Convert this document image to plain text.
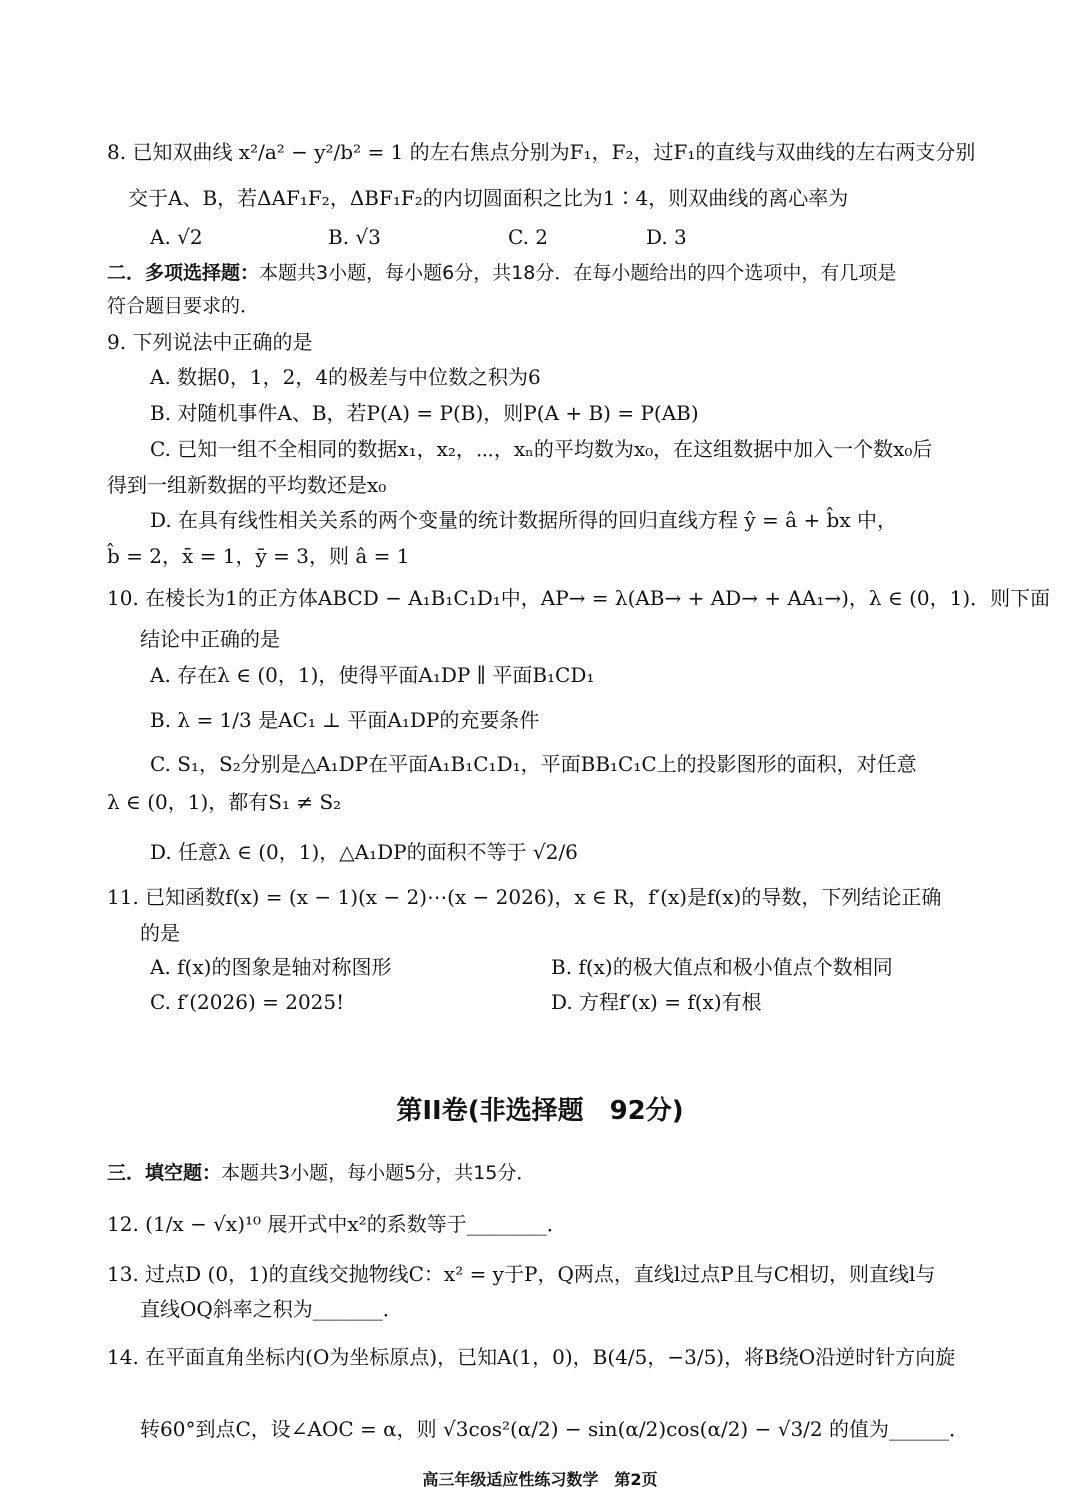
8. 已知双曲线 x²/a² − y²/b² = 1 的左右焦点分别为F₁，F₂，过F₁的直线与双曲线的左右两支分别
交于A、B，若ΔAF₁F₂，ΔBF₁F₂的内切圆面积之比为1∶4，则双曲线的离心率为
A. √2	B. √3	C. 2	D. 3
二．多项选择题：本题共3小题，每小题6分，共18分．在每小题给出的四个选项中，有几项是
符合题目要求的．
9. 下列说法中正确的是
A. 数据0，1，2，4的极差与中位数之积为6
B. 对随机事件A、B，若P(A) = P(B)，则P(A + B) = P(AB)
C. 已知一组不全相同的数据x₁，x₂，⋯，xₙ的平均数为x₀，在这组数据中加入一个数x₀后
得到一组新数据的平均数还是x₀
D. 在具有线性相关关系的两个变量的统计数据所得的回归直线方程 ŷ = â + b̂x 中，
b̂ = 2，x̄ = 1，ȳ = 3，则 â = 1
10. 在棱长为1的正方体ABCD − A₁B₁C₁D₁中，AP→ = λ(AB→ + AD→ + AA₁→)，λ ∈ (0，1)．则下面
结论中正确的是
A. 存在λ ∈ (0，1)，使得平面A₁DP ∥ 平面B₁CD₁
B. λ = 1/3 是AC₁ ⊥ 平面A₁DP的充要条件
C. S₁，S₂分别是△A₁DP在平面A₁B₁C₁D₁，平面BB₁C₁C上的投影图形的面积，对任意
λ ∈ (0，1)，都有S₁ ≠ S₂
D. 任意λ ∈ (0，1)，△A₁DP的面积不等于 √2/6
11. 已知函数f(x) = (x − 1)(x − 2)⋯(x − 2026)，x ∈ R，f′(x)是f(x)的导数，下列结论正确
的是
A. f(x)的图象是轴对称图形	B. f(x)的极大值点和极小值点个数相同
C. f′(2026) = 2025!	D. 方程f′(x) = f(x)有根
第II卷(非选择题　92分)
三．填空题：本题共3小题，每小题5分，共15分．
12. (1/x − √x)¹⁰ 展开式中x²的系数等于________．
13. 过点D (0，1)的直线交抛物线C：x² = y于P，Q两点，直线l过点P且与C相切，则直线l与
直线OQ斜率之积为_______．
14. 在平面直角坐标内(O为坐标原点)，已知A(1，0)，B(4/5，−3/5)，将B绕O沿逆时针方向旋
转60°到点C，设∠AOC = α，则 √3cos²(α/2) − sin(α/2)cos(α/2) − √3/2 的值为______．
高三年级适应性练习数学　第2页
